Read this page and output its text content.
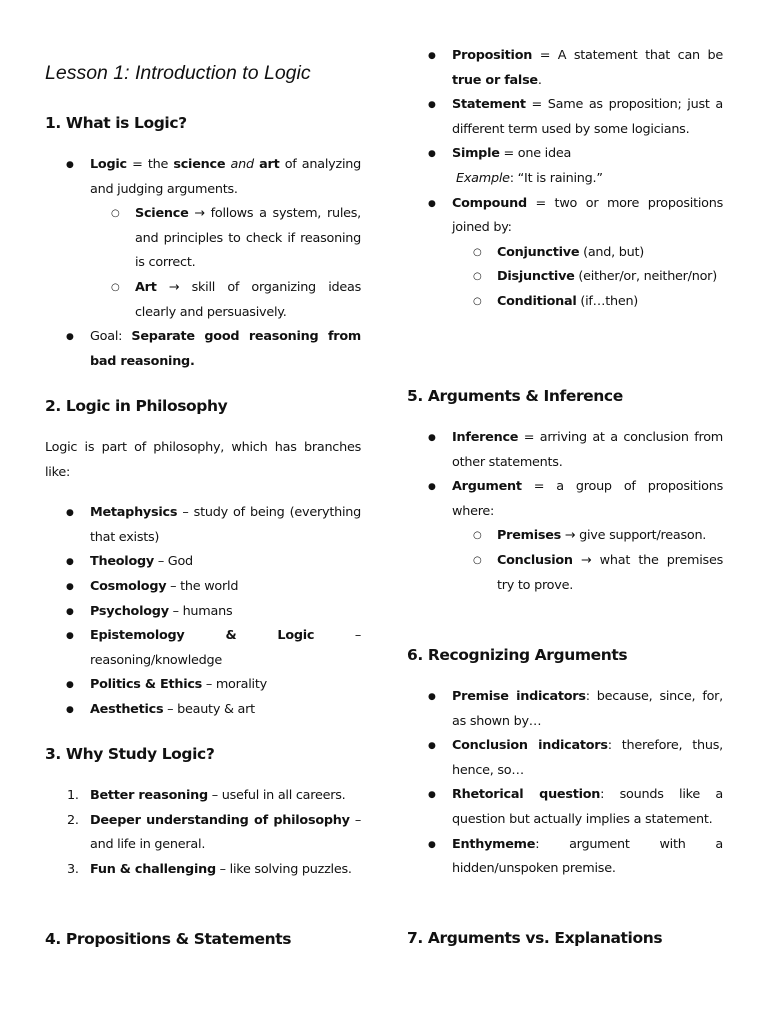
Lesson 1: Introduction to Logic
1. What is Logic?
● Logic = the science and art of analyzing and judging arguments.
○ Science → follows a system, rules, and principles to check if reasoning is correct.
○ Art → skill of organizing ideas clearly and persuasively.
● Goal: Separate good reasoning from bad reasoning.
2. Logic in Philosophy

Logic is part of philosophy, which has branches like:

● Metaphysics – study of being (everything that exists)
● Theology – God
● Cosmology – the world
● Psychology – humans
● Epistemology & Logic – reasoning/knowledge
● Politics & Ethics – morality
● Aesthetics – beauty & art
3. Why Study Logic?
1. Better reasoning – useful in all careers.
2. Deeper understanding of philosophy – and life in general.
3. Fun & challenging – like solving puzzles.
4. Propositions & Statements
● Proposition = A statement that can be true or false.
● Statement = Same as proposition; just a different term used by some logicians.
● Simple = one idea
Example: “It is raining.”
● Compound = two or more propositions joined by:
○ Conjunctive (and, but)
○ Disjunctive (either/or, neither/nor)
○ Conditional (if…then)
5. Arguments & Inference
● Inference = arriving at a conclusion from other statements.
● Argument = a group of propositions where:
○ Premises → give support/reason.
○ Conclusion → what the premises try to prove.
6. Recognizing Arguments
● Premise indicators: because, since, for, as shown by…
● Conclusion indicators: therefore, thus, hence, so…
● Rhetorical question: sounds like a question but actually implies a statement.
● Enthymeme: argument with a hidden/unspoken premise.
7. Arguments vs. Explanations
